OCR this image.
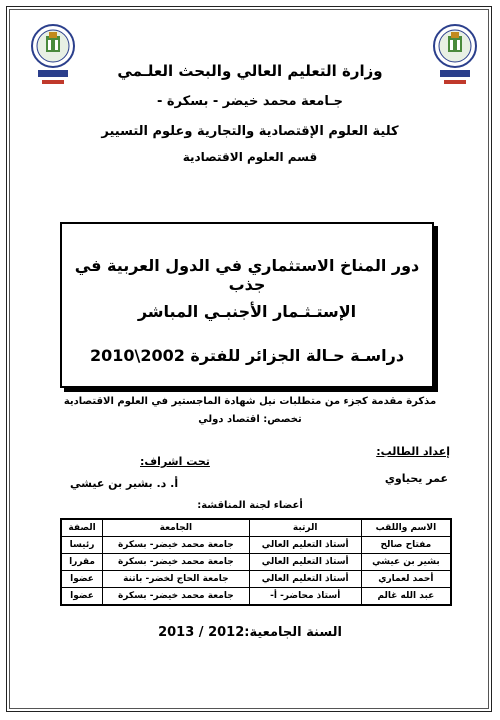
وزارة التعليم العالي والبحث العلـمي
جـامعة محمد خيضر - بسكرة -
كلية العلوم الإقتصادية والتجارية وعلوم التسيير
قسم العلوم الاقتصادية
دور المناخ الاستثماري في الدول العربية في جذب
الإستـثـمار الأجنبـي المباشر
دراسـة حـالة الجزائر للفترة 2002\2010
مذكرة مقدمة كجزء من متطلبات نيل شهادة الماجستير في العلوم الاقتصادية
تخصص: اقتصاد دولي
إعداد الطالب:
تحت اشراف:
عمر يحياوي
أ. د. بشير بن عيشي
أعضاء لجنة المناقشة:
الاسم واللقب	الرتبة	الجامعة	الصفة
مفتاح صالح	أستاذ التعليم العالي	جامعة محمد خيضر- بسكرة	رئيسا
بشير بن عيشي	أستاذ التعليم العالي	جامعة محمد خيضر- بسكرة	مقررا
أحمد لعماري	أستاذ التعليم العالي	جامعة الحاج لخضر- باتنة	عضوا
عبد الله غالم	أستاذ محاضر- أ-	جامعة محمد خيضر- بسكرة	عضوا
السنة الجامعية:2012 / 2013
